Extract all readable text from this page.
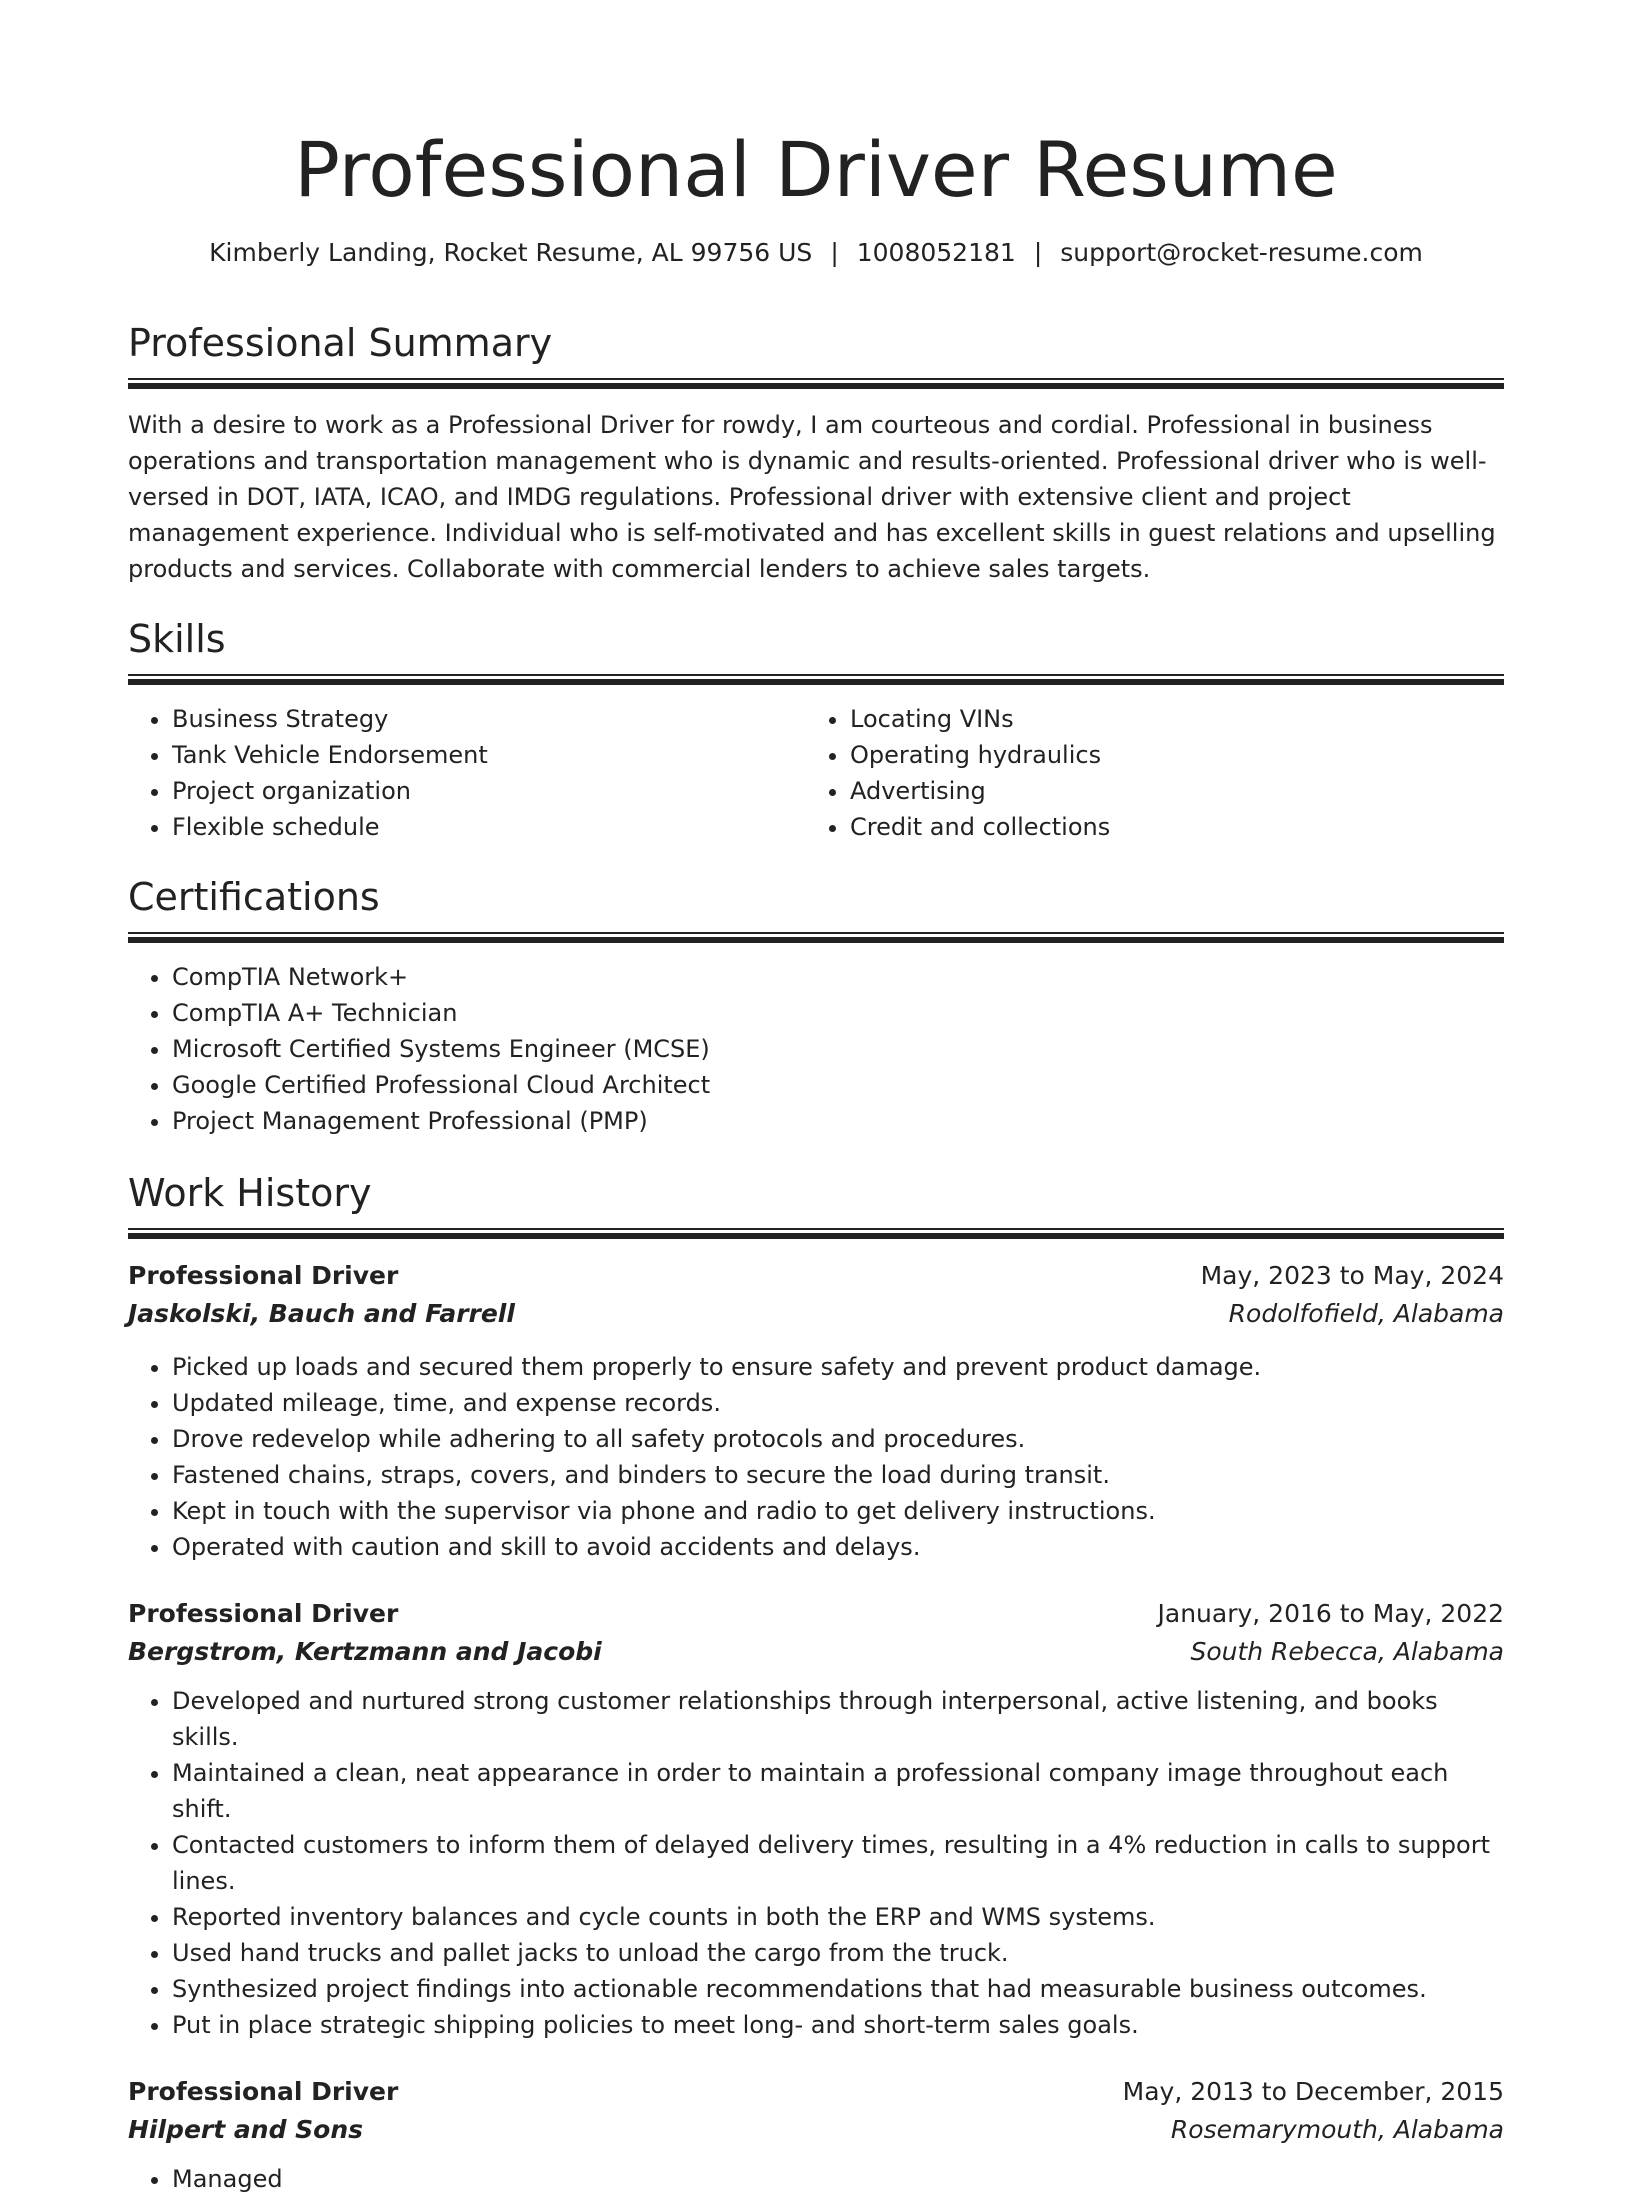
Professional Driver Resume
Kimberly Landing, Rocket Resume, AL 99756 US | 1008052181 | support@rocket-resume.com
Professional Summary

With a desire to work as a Professional Driver for rowdy, I am courteous and cordial. Professional in business operations and transportation management who is dynamic and results-oriented. Professional driver who is well-versed in DOT, IATA, ICAO, and IMDG regulations. Professional driver with extensive client and project management experience. Individual who is self-motivated and has excellent skills in guest relations and upselling products and services. Collaborate with commercial lenders to achieve sales targets.

Skills
• Business Strategy
• Tank Vehicle Endorsement
• Project organization
• Flexible schedule
• Locating VINs
• Operating hydraulics
• Advertising
• Credit and collections
Certifications
• CompTIA Network+
• CompTIA A+ Technician
• Microsoft Certified Systems Engineer (MCSE)
• Google Certified Professional Cloud Architect
• Project Management Professional (PMP)
Work History
Professional Driver	May, 2023 to May, 2024
Jaskolski, Bauch and Farrell	Rodolfofield, Alabama
• Picked up loads and secured them properly to ensure safety and prevent product damage.
• Updated mileage, time, and expense records.
• Drove redevelop while adhering to all safety protocols and procedures.
• Fastened chains, straps, covers, and binders to secure the load during transit.
• Kept in touch with the supervisor via phone and radio to get delivery instructions.
• Operated with caution and skill to avoid accidents and delays.
Professional Driver	January, 2016 to May, 2022
Bergstrom, Kertzmann and Jacobi	South Rebecca, Alabama
• Developed and nurtured strong customer relationships through interpersonal, active listening, and books skills.
• Maintained a clean, neat appearance in order to maintain a professional company image throughout each shift.
• Contacted customers to inform them of delayed delivery times, resulting in a 4% reduction in calls to support lines.
• Reported inventory balances and cycle counts in both the ERP and WMS systems.
• Used hand trucks and pallet jacks to unload the cargo from the truck.
• Synthesized project findings into actionable recommendations that had measurable business outcomes.
• Put in place strategic shipping policies to meet long- and short-term sales goals.
Professional Driver	May, 2013 to December, 2015
Hilpert and Sons	Rosemarymouth, Alabama
• Managed
